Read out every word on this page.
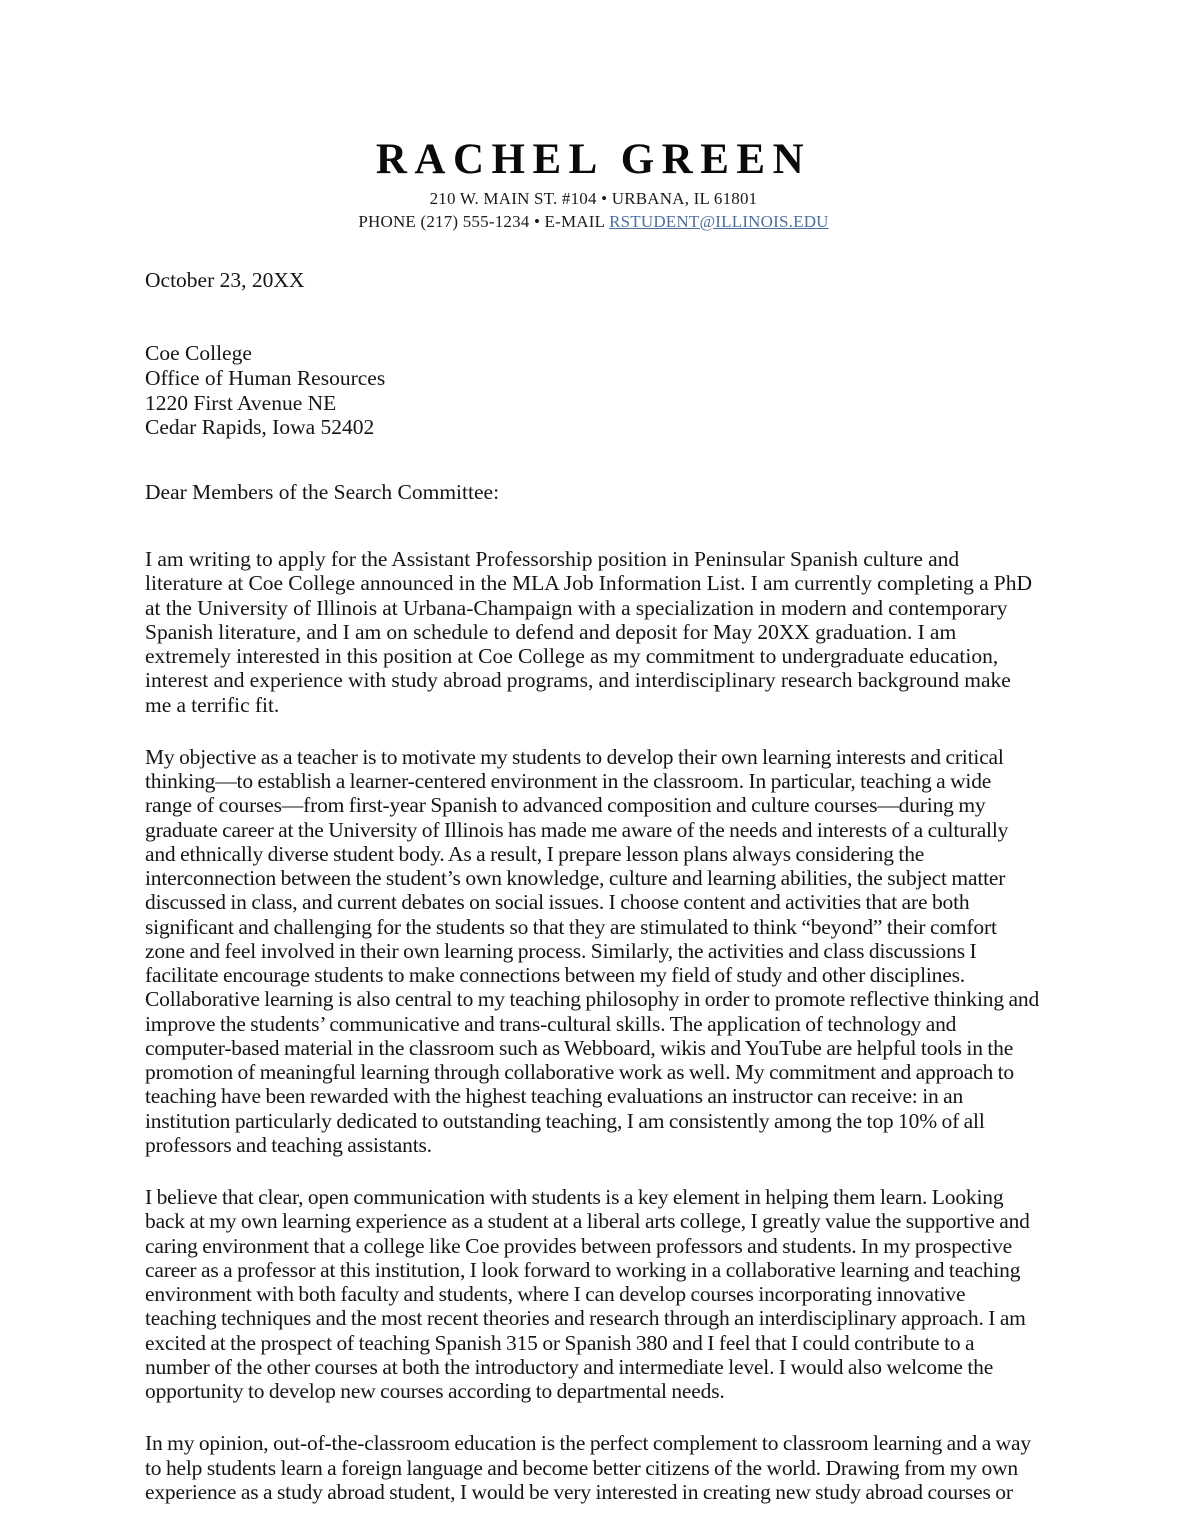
RACHEL GREEN
210 W. MAIN ST. #104 • URBANA, IL 61801
PHONE (217) 555-1234 • E-MAIL RSTUDENT@ILLINOIS.EDU
October 23, 20XX
Coe College
Office of Human Resources
1220 First Avenue NE
Cedar Rapids, Iowa 52402
Dear Members of the Search Committee:

I am writing to apply for the Assistant Professorship position in Peninsular Spanish culture and literature at Coe College announced in the MLA Job Information List. I am currently completing a PhD at the University of Illinois at Urbana-Champaign with a specialization in modern and contemporary Spanish literature, and I am on schedule to defend and deposit for May 20XX graduation. I am extremely interested in this position at Coe College as my commitment to undergraduate education, interest and experience with study abroad programs, and interdisciplinary research background make me a terrific fit.

My objective as a teacher is to motivate my students to develop their own learning interests and critical thinking—to establish a learner-centered environment in the classroom. In particular, teaching a wide range of courses—from first-year Spanish to advanced composition and culture courses—during my graduate career at the University of Illinois has made me aware of the needs and interests of a culturally and ethnically diverse student body. As a result, I prepare lesson plans always considering the interconnection between the student’s own knowledge, culture and learning abilities, the subject matter discussed in class, and current debates on social issues. I choose content and activities that are both significant and challenging for the students so that they are stimulated to think “beyond” their comfort zone and feel involved in their own learning process. Similarly, the activities and class discussions I facilitate encourage students to make connections between my field of study and other disciplines. Collaborative learning is also central to my teaching philosophy in order to promote reflective thinking and improve the students’ communicative and trans-cultural skills. The application of technology and computer-based material in the classroom such as Webboard, wikis and YouTube are helpful tools in the promotion of meaningful learning through collaborative work as well. My commitment and approach to teaching have been rewarded with the highest teaching evaluations an instructor can receive: in an institution particularly dedicated to outstanding teaching, I am consistently among the top 10% of all professors and teaching assistants.

I believe that clear, open communication with students is a key element in helping them learn. Looking back at my own learning experience as a student at a liberal arts college, I greatly value the supportive and caring environment that a college like Coe provides between professors and students. In my prospective career as a professor at this institution, I look forward to working in a collaborative learning and teaching environment with both faculty and students, where I can develop courses incorporating innovative teaching techniques and the most recent theories and research through an interdisciplinary approach. I am excited at the prospect of teaching Spanish 315 or Spanish 380 and I feel that I could contribute to a number of the other courses at both the introductory and intermediate level. I would also welcome the opportunity to develop new courses according to departmental needs.

In my opinion, out-of-the-classroom education is the perfect complement to classroom learning and a way to help students learn a foreign language and become better citizens of the world. Drawing from my own experience as a study abroad student, I would be very interested in creating new study abroad courses or
